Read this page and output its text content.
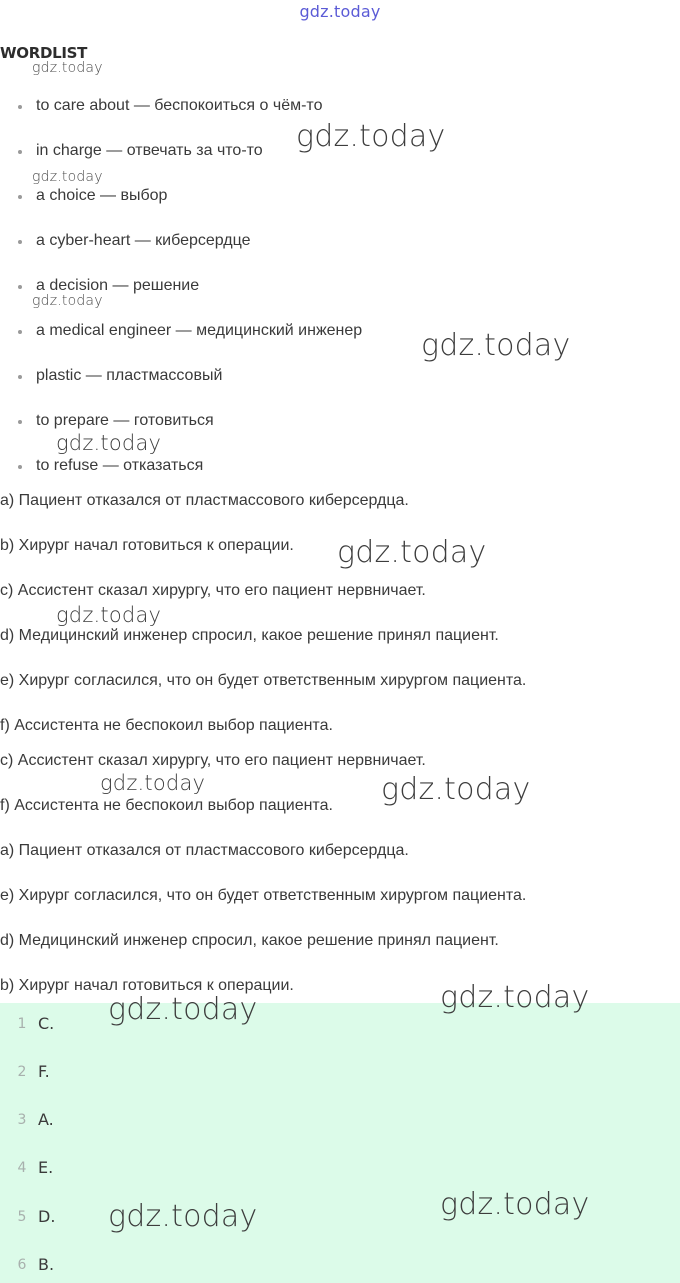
gdz.today
WORDLIST
to care about — беспокоиться о чём-то
in charge — отвечать за что-то
a choice — выбор
a cyber-heart — киберсердце
a decision — решение
a medical engineer — медицинский инженер
plastic — пластмассовый
to prepare — готовиться
to refuse — отказаться
a) Пациент отказался от пластмассового киберсердца.
b) Хирург начал готовиться к операции.
c) Ассистент сказал хирургу, что его пациент нервничает.
d) Медицинский инженер спросил, какое решение принял пациент.
e) Хирург согласился, что он будет ответственным хирургом пациента.
f) Ассистента не беспокоил выбор пациента.
c) Ассистент сказал хирургу, что его пациент нервничает.
f) Ассистента не беспокоил выбор пациента.
a) Пациент отказался от пластмассового киберсердца.
e) Хирург согласился, что он будет ответственным хирургом пациента.
d) Медицинский инженер спросил, какое решение принял пациент.
b) Хирург начал готовиться к операции.
1 C.
2 F.
3 A.
4 E.
5 D.
6 B.
gdz.today
gdz.today
gdz.today
gdz.today
gdz.today
gdz.today
gdz.today
gdz.today
gdz.today	gdz.today
gdz.today
gdz.today
gdz.today
gdz.today
